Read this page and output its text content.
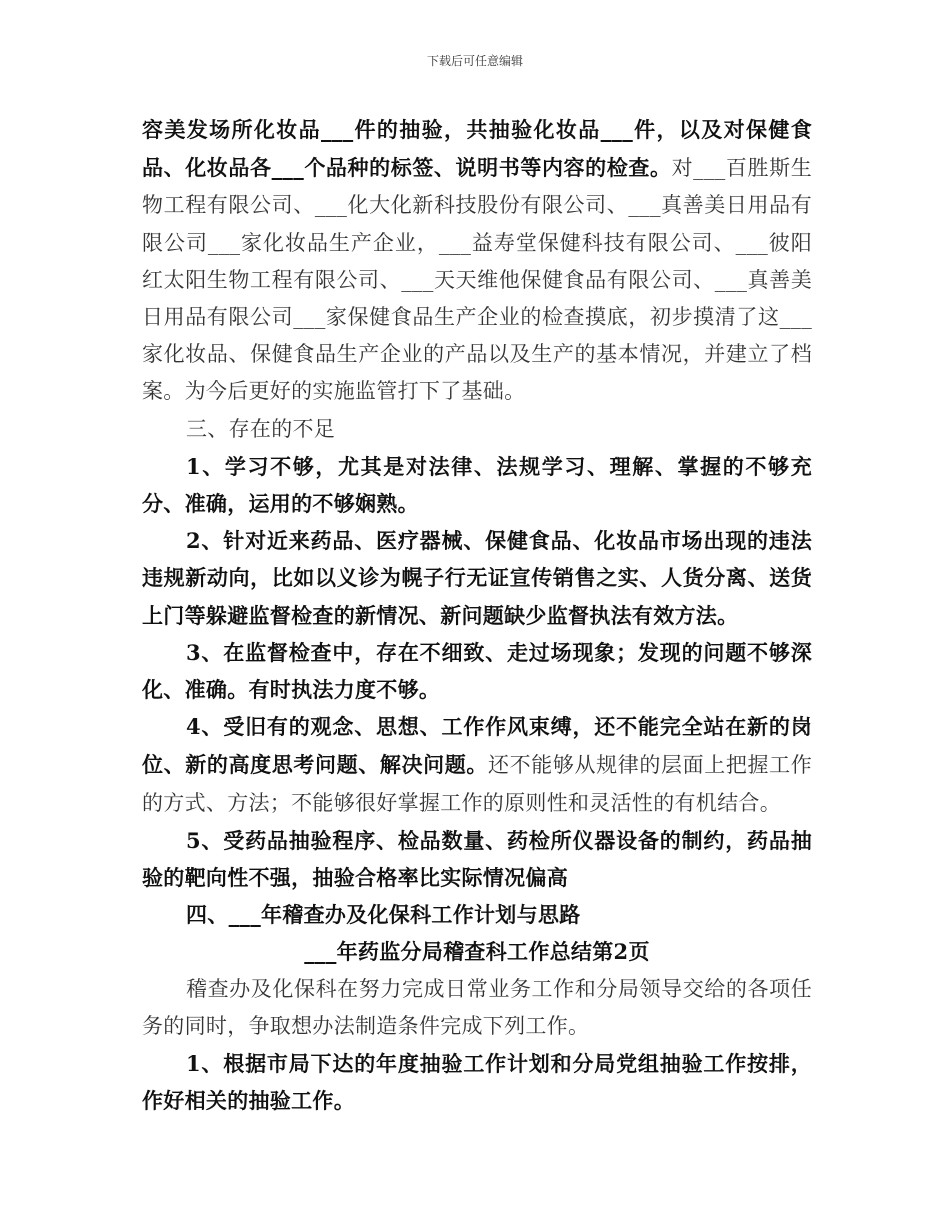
下载后可任意编辑

容美发场所化妆品___件的抽验，共抽验化妆品___件，以及对保健食品、化妆品各___个品种的标签、说明书等内容的检查。对___百胜斯生物工程有限公司、___化大化新科技股份有限公司、___真善美日用品有限公司___家化妆品生产企业，___益寿堂保健科技有限公司、___彼阳红太阳生物工程有限公司、___天天维他保健食品有限公司、___真善美日用品有限公司___家保健食品生产企业的检查摸底，初步摸清了这___家化妆品、保健食品生产企业的产品以及生产的基本情况，并建立了档案。为今后更好的实施监管打下了基础。

三、存在的不足

1、学习不够，尤其是对法律、法规学习、理解、掌握的不够充分、准确，运用的不够娴熟。

2、针对近来药品、医疗器械、保健食品、化妆品市场出现的违法违规新动向，比如以义诊为幌子行无证宣传销售之实、人货分离、送货上门等躲避监督检查的新情况、新问题缺少监督执法有效方法。

3、在监督检查中，存在不细致、走过场现象；发现的问题不够深化、准确。有时执法力度不够。

4、受旧有的观念、思想、工作作风束缚，还不能完全站在新的岗位、新的高度思考问题、解决问题。还不能够从规律的层面上把握工作的方式、方法；不能够很好掌握工作的原则性和灵活性的有机结合。

5、受药品抽验程序、检品数量、药检所仪器设备的制约，药品抽验的靶向性不强，抽验合格率比实际情况偏高

四、___年稽查办及化保科工作计划与思路

___年药监分局稽查科工作总结第2页

稽查办及化保科在努力完成日常业务工作和分局领导交给的各项任务的同时，争取想办法制造条件完成下列工作。

1、根据市局下达的年度抽验工作计划和分局党组抽验工作按排，作好相关的抽验工作。
